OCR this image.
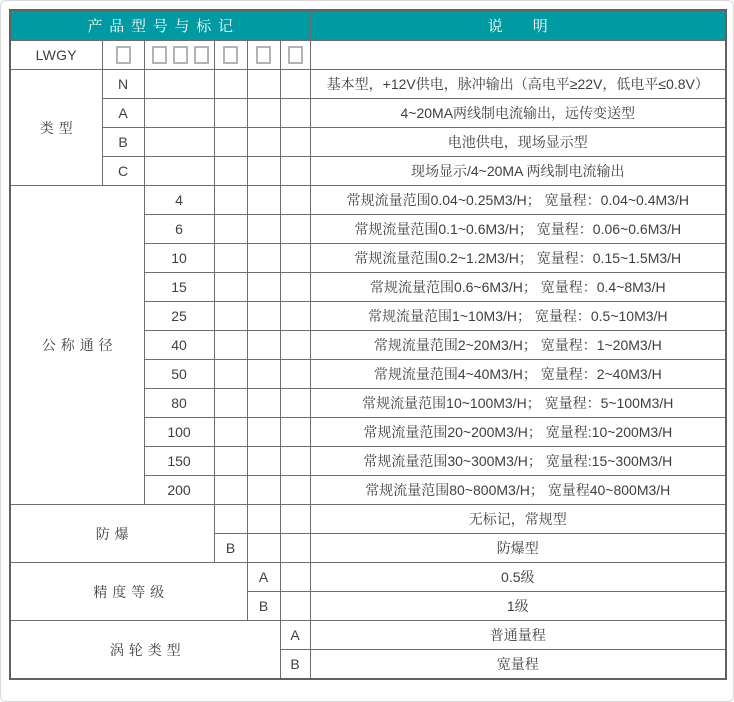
产品型号与标记						说明
LWGY						
类型	N					基本型，+12V供电，脉冲输出（高电平≥22V，低电平≤0.8V）
	A					4~20MA两线制电流输出，远传变送型
	B					电池供电，现场显示型
	C					现场显示/4~20MA 两线制电流输出
公称通径		4				常规流量范围0.04~0.25M3/H； 宽量程：0.04~0.4M3/H
		6				常规流量范围0.1~0.6M3/H； 宽量程：0.06~0.6M3/H
		10				常规流量范围0.2~1.2M3/H； 宽量程：0.15~1.5M3/H
		15				常规流量范围0.6~6M3/H； 宽量程：0.4~8M3/H
		25				常规流量范围1~10M3/H； 宽量程：0.5~10M3/H
		40				常规流量范围2~20M3/H； 宽量程：1~20M3/H
		50				常规流量范围4~40M3/H； 宽量程：2~40M3/H
		80				常规流量范围10~100M3/H； 宽量程：5~100M3/H
		100				常规流量范围20~200M3/H； 宽量程:10~200M3/H
		150				常规流量范围30~300M3/H； 宽量程:15~300M3/H
		200				常规流量范围80~800M3/H； 宽量程40~800M3/H
防爆						无标记，常规型
			B			防爆型
精度等级				A		0.5级
				B		1级
涡轮类型					A	普通量程
					B	宽量程
